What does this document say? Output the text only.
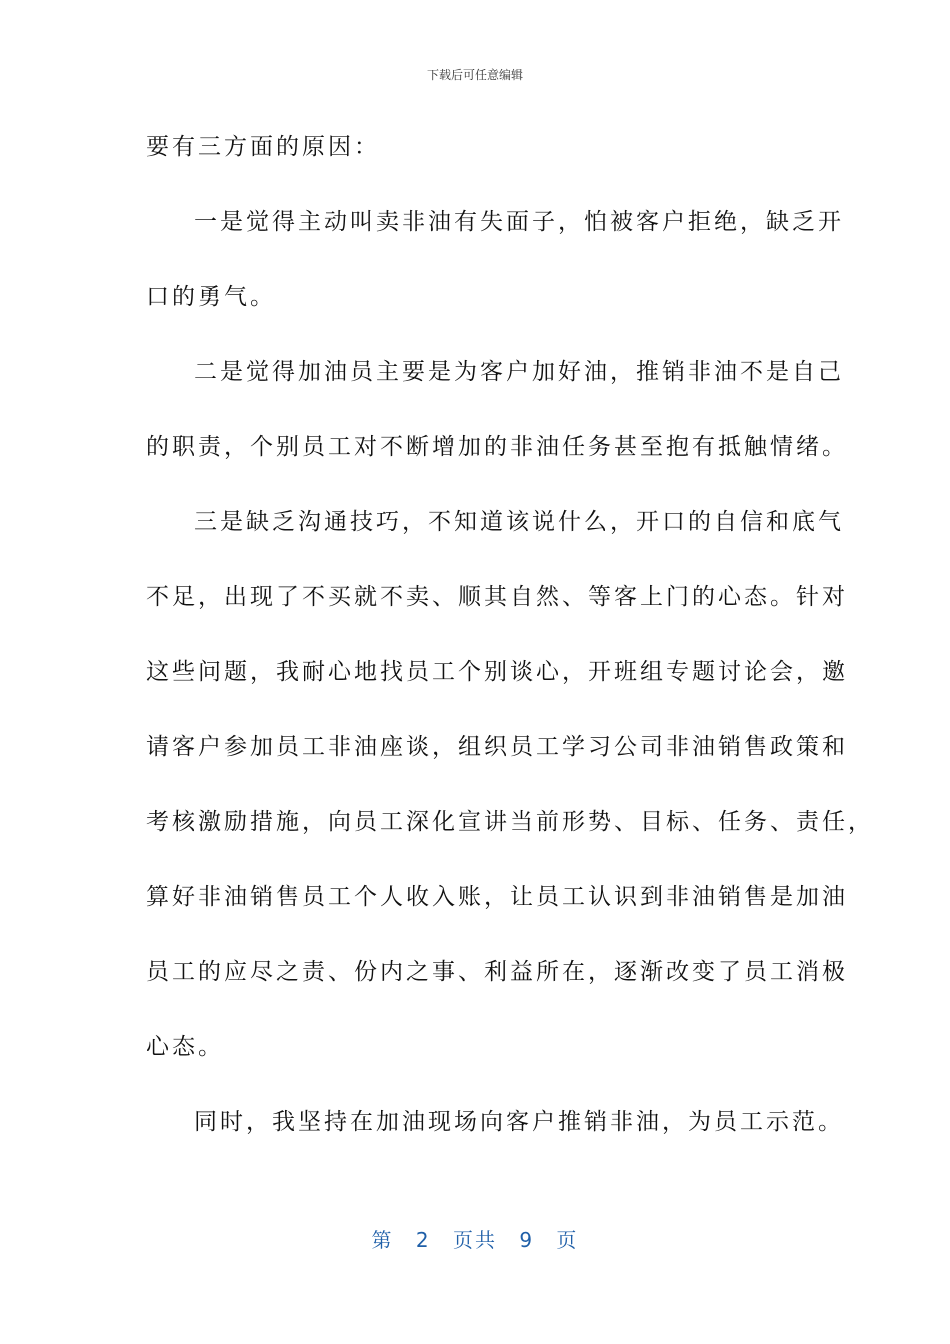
下载后可任意编辑
要有三方面的原因：
一是觉得主动叫卖非油有失面子，怕被客户拒绝，缺乏开
口的勇气。
二是觉得加油员主要是为客户加好油，推销非油不是自己
的职责，个别员工对不断增加的非油任务甚至抱有抵触情绪。
三是缺乏沟通技巧，不知道该说什么，开口的自信和底气
不足，出现了不买就不卖、顺其自然、等客上门的心态。针对
这些问题，我耐心地找员工个别谈心，开班组专题讨论会，邀
请客户参加员工非油座谈，组织员工学习公司非油销售政策和
考核激励措施，向员工深化宣讲当前形势、目标、任务、责任，
算好非油销售员工个人收入账，让员工认识到非油销售是加油
员工的应尽之责、份内之事、利益所在，逐渐改变了员工消极
心态。
同时，我坚持在加油现场向客户推销非油，为员工示范。
第 2 页共 9 页
